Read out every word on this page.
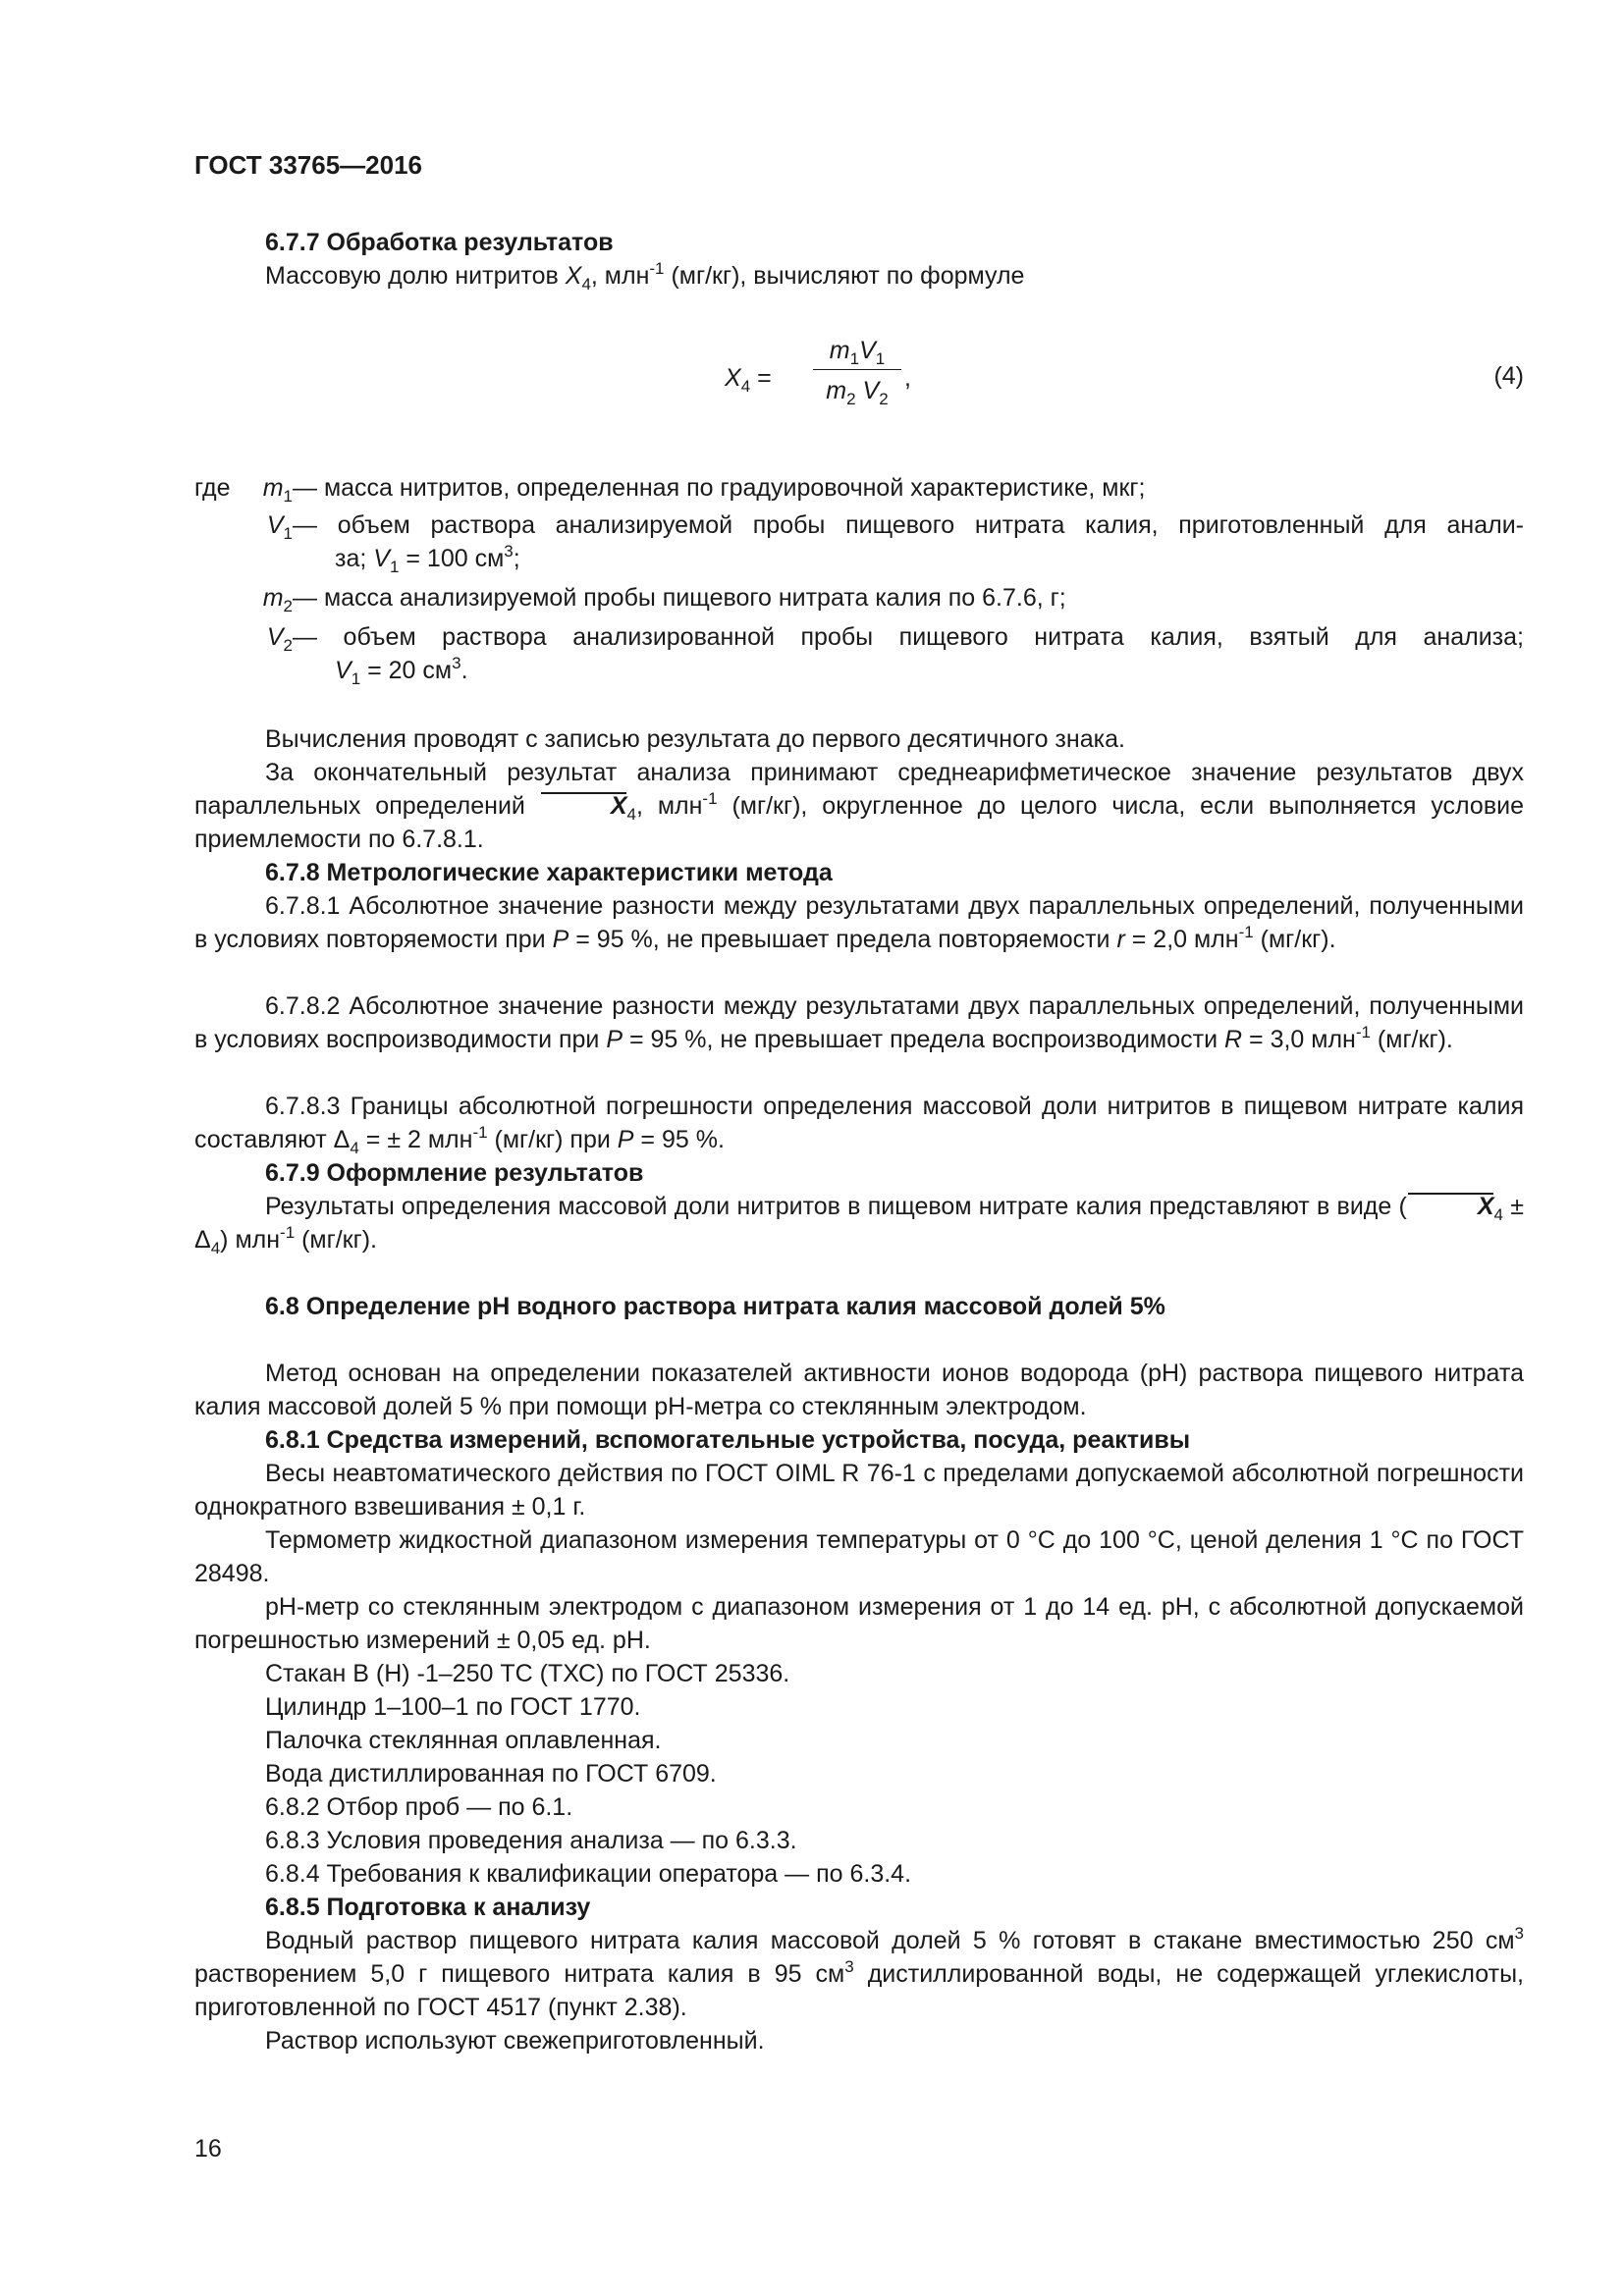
ГОСТ 33765—2016
6.7.7 Обработка результатов
Массовую долю нитритов $X_4$, млн$^{-1}$ (мг/кг), вычисляют по формуле
$X_4$ =
$m_1V_1$
$m_2$ $V_2$
,	(4)
где	$m_1$ — масса нитритов, определенная по градуировочной характеристике, мкг;
$V_1$ — объем раствора анализируемой пробы пищевого нитрата калия, приготовленный для анали-
за; $V_1 = 100$ $см^3$;
$m_2$ — масса анализируемой пробы пищевого нитрата калия по 6.7.6, г;
$V_2$ — объем раствора анализированной пробы пищевого нитрата калия, взятый для анализа;
$V_1 = 20$ $см^3$.
Вычисления проводят с записью результата до первого десятичного знака.
За окончательный результат анализа принимают среднеарифметическое значение результатов двух параллельных определений	$X_4$, млн$^{-1}$ (мг/кг), округленное до целого числа, если выполняется условие приемлемости по 6.7.8.1.
6.7.8 Метрологические характеристики метода
6.7.8.1 Абсолютное значение разности между результатами двух параллельных определений, полученными в условиях повторяемости при P = 95 %, не превышает предела повторяемости r = 2,0 млн$^{-1}$ (мг/кг).
6.7.8.2 Абсолютное значение разности между результатами двух параллельных определений, полученными в условиях воспроизводимости при P = 95 %, не превышает предела воспроизводимости R = 3,0 млн$^{-1}$ (мг/кг).
6.7.8.3 Границы абсолютной погрешности определения массовой доли нитритов в пищевом нитрате калия составляют $\Delta_4$ = ± 2 млн$^{-1}$ (мг/кг) при P = 95 %.
6.7.9 Оформление результатов
Результаты определения массовой доли нитритов в пищевом нитрате калия представляют в виде (	$X_4 \pm \Delta_4$) млн$^{-1}$ (мг/кг).
6.8 Определение pH водного раствора нитрата калия массовой долей 5%
Метод основан на определении показателей активности ионов водорода (pH) раствора пищевого нитрата калия массовой долей 5 % при помощи pH-метра со стеклянным электродом.
6.8.1 Средства измерений, вспомогательные устройства, посуда, реактивы
Весы неавтоматического действия по ГОСТ OIML R 76-1 с пределами допускаемой абсолютной погрешности однократного взвешивания ± 0,1 г.
Термометр жидкостной диапазоном измерения температуры от 0 °С до 100 °С, ценой деления 1 °С по ГОСТ 28498.
pH-метр со стеклянным электродом с диапазоном измерения от 1 до 14 ед. pH, с абсолютной допускаемой погрешностью измерений ± 0,05 ед. pH.
Стакан В (Н) -1–250 ТС (ТХС) по ГОСТ 25336.
Цилиндр 1–100–1 по ГОСТ 1770.
Палочка стеклянная оплавленная.
Вода дистиллированная по ГОСТ 6709.
6.8.2 Отбор проб — по 6.1.
6.8.3 Условия проведения анализа — по 6.3.3.
6.8.4 Требования к квалификации оператора — по 6.3.4.
6.8.5 Подготовка к анализу
Водный раствор пищевого нитрата калия массовой долей 5 % готовят в стакане вместимостью 250 $см^3$ растворением 5,0 г пищевого нитрата калия в 95 $см^3$ дистиллированной воды, не содержащей углекислоты, приготовленной по ГОСТ 4517 (пункт 2.38).
Раствор используют свежеприготовленный.
16
